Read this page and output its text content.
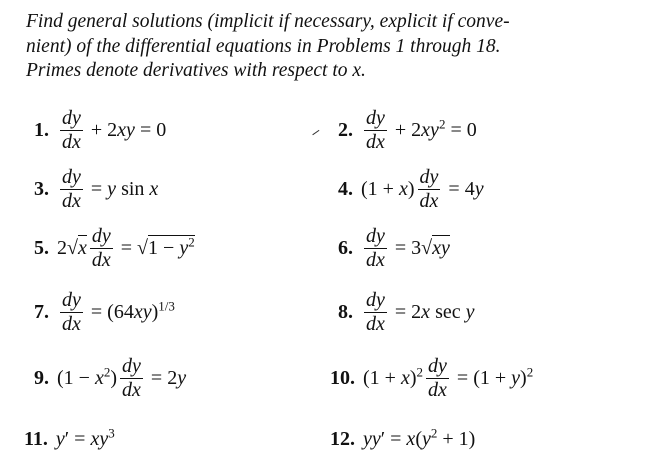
Find general solutions (implicit if necessary, explicit if conve-
nient) of the differential equations in Problems 1 through 18.
Primes denote derivatives with respect to x.
1. $\frac{dy}{dx} + 2xy = 0$	2. $\frac{dy}{dx} + 2xy^2 = 0$
3. $\frac{dy}{dx} = y$ sin x	4. $(1 + x) \frac{dy}{dx} = 4y$
5. $2√x \frac{dy}{dx} = √1 - y^2$	6. $\frac{dy}{dx} = 3√xy$
7. $\frac{dy}{dx} = (64xy)^{1/3}$	8. $\frac{dy}{dx} = 2x$ sec y
9. $(1 - x^2) \frac{dy}{dx} = 2y$	10. $(1 + x)^2 \frac{dy}{dx} = (1 + y)^2$
11. $y' = xy^3$	12. $yy' = x(y^2 + 1)$
